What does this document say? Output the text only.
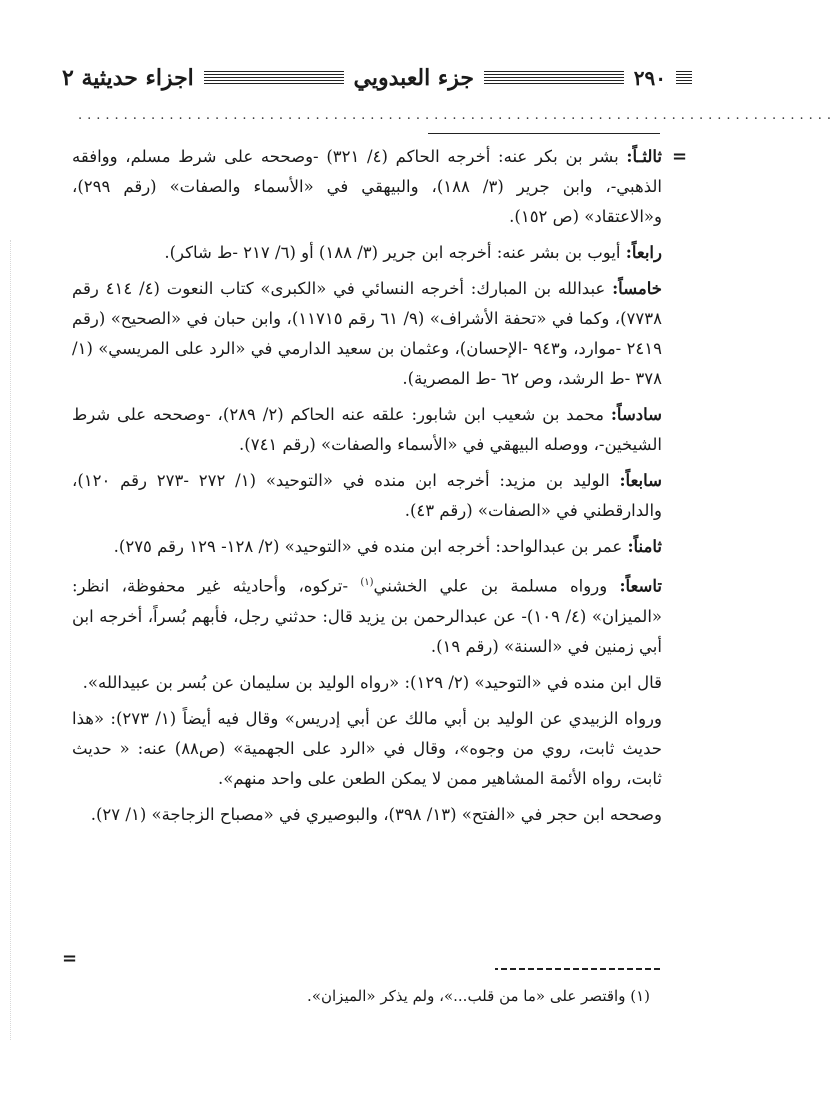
٢٩٠
جزء العبدويي
اجزاء حديثية ٢
...................................................................................
=
=

ثالثـاً: بشر بن بكر عنه: أخرجه الحاكم (٤/ ٣٢١) -وصححه على شرط مسلم، ووافقه الذهبي-، وابن جرير (٣/ ١٨٨)، والبيهقي في «الأسماء والصفات» (رقم ٢٩٩)، و«الاعتقاد» (ص ١٥٢).

رابعاً: أيوب بن بشر عنه: أخرجه ابن جرير (٣/ ١٨٨) أو (٦/ ٢١٧ -ط شاكر).

خامساً: عبدالله بن المبارك: أخرجه النسائي في «الكبرى» كتاب النعوت (٤/ ٤١٤ رقم ٧٧٣٨)، وكما في «تحفة الأشراف» (٩/ ٦١ رقم ١١٧١٥)، وابن حبان في «الصحيح» (رقم ٢٤١٩ -موارد، و٩٤٣ -الإحسان)، وعثمان بن سعيد الدارمي في «الرد على المريسي» (١/ ٣٧٨ -ط الرشد، وص ٦٢ -ط المصرية).

سادساً: محمد بن شعيب ابن شابور: علقه عنه الحاكم (٢/ ٢٨٩)، -وصححه على شرط الشيخين-، ووصله البيهقي في «الأسماء والصفات» (رقم ٧٤١).

سابعاً: الوليد بن مزيد: أخرجه ابن منده في «التوحيد» (١/ ٢٧٢ -٢٧٣ رقم ١٢٠)، والدارقطني في «الصفات» (رقم ٤٣).

ثامناً: عمر بن عبدالواحد: أخرجه ابن منده في «التوحيد» (٢/ ١٢٨- ١٢٩ رقم ٢٧٥).

تاسعاً: ورواه مسلمة بن علي الخشني$^{(١)}$ -تركوه، وأحاديثه غير محفوظة، انظر: «الميزان» (٤/ ١٠٩)- عن عبدالرحمن بن يزيد قال: حدثني رجل، فأبهم بُسراً، أخرجه ابن أبي زمنين في «السنة» (رقم ١٩).

قال ابن منده في «التوحيد» (٢/ ١٢٩): «رواه الوليد بن سليمان عن بُسر بن عبيدالله».

ورواه الزبيدي عن الوليد بن أبي مالك عن أبي إدريس» وقال فيه أيضاً (١/ ٢٧٣): «هذا حديث ثابت، روي من وجوه»، وقال في «الرد على الجهمية» (ص٨٨) عنه: « حديث ثابت، رواه الأئمة المشاهير ممن لا يمكن الطعن على واحد منهم».

وصححه ابن حجر في «الفتح» (١٣/ ٣٩٨)، والبوصيري في «مصباح الزجاجة» (١/ ٢٧).

(١) واقتصر على «ما من قلب...»، ولم يذكر «الميزان».
